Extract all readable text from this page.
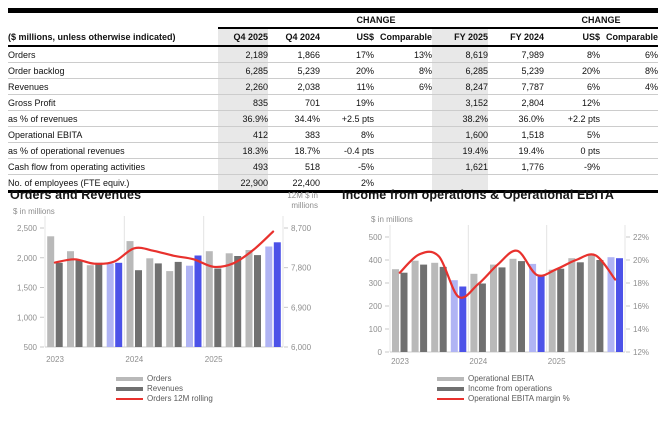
			CHANGE				CHANGE	
($ millions, unless otherwise indicated)	Q4 2025	Q4 2024	US$	Comparable	FY 2025	FY 2024	US$	Comparable
Orders	2,189	1,866	17%	13%	8,619	7,989	8%	6%
Order backlog	6,285	5,239	20%	8%	6,285	5,239	20%	8%
Revenues	2,260	2,038	11%	6%	8,247	7,787	6%	4%
Gross Profit	835	701	19%		3,152	2,804	12%	
as % of revenues	36.9%	34.4%	+2.5 pts		38.2%	36.0%	+2.2 pts	
Operational EBITA	412	383	8%		1,600	1,518	5%	
as % of operational revenues	18.3%	18.7%	-0.4 pts		19.4%	19.4%	0 pts	
Cash flow from operating activities	493	518	-5%		1,621	1,776	-9%	
No. of employees (FTE equiv.)	22,900	22,400	2%					
Orders and Revenues
$ in millions
12M $ in millions
Income from operations & Operational EBITA
$ in millions
2,500
2,000
1,500
1,000
500
8,700
7,800
6,900
6,000
2023	2024	2025
500
400
300
200
100
0
22%
20%
18%
16%
14%
12%
2023	2024	2025
Orders
Revenues
Orders 12M rolling
Operational EBITA
Income from operations
Operational EBITA margin %
